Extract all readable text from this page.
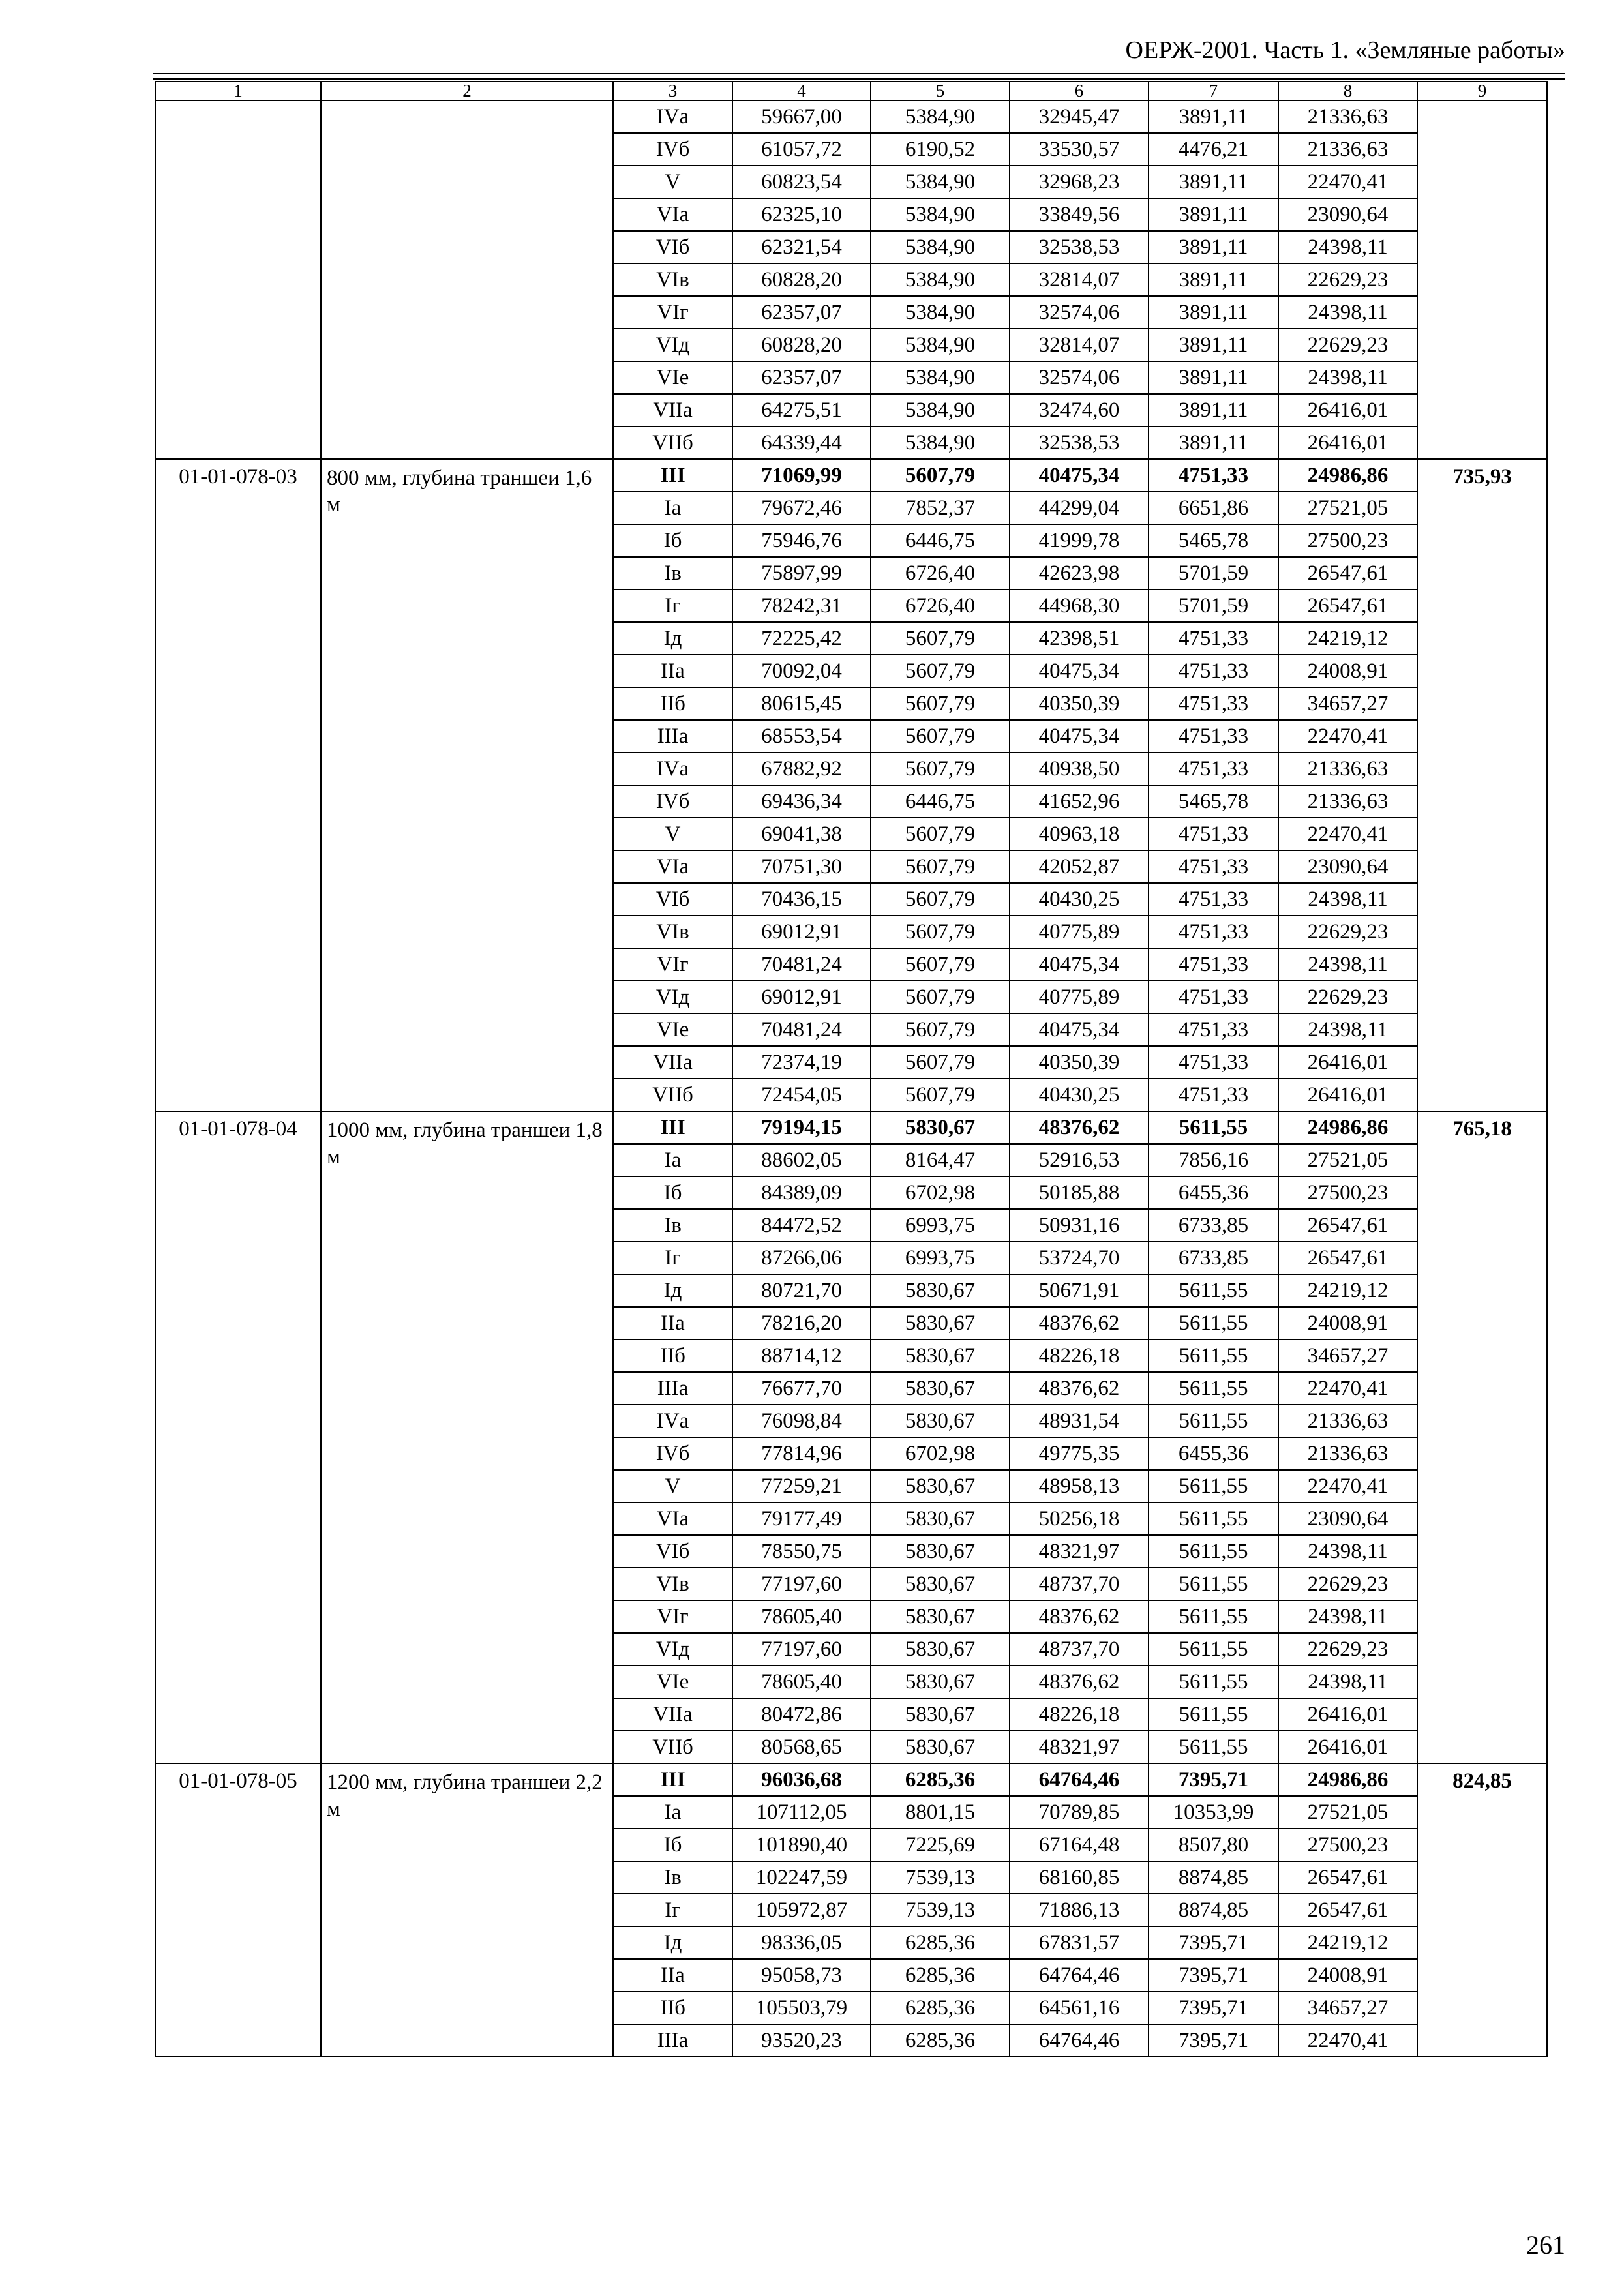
ОЕРЖ-2001. Часть 1. «Земляные работы»
1	2	3	4	5	6	7	8	9
		IVа	59667,00	5384,90	32945,47	3891,11	21336,63	
		IVб	61057,72	6190,52	33530,57	4476,21	21336,63	
		V	60823,54	5384,90	32968,23	3891,11	22470,41	
		VIа	62325,10	5384,90	33849,56	3891,11	23090,64	
		VIб	62321,54	5384,90	32538,53	3891,11	24398,11	
		VIв	60828,20	5384,90	32814,07	3891,11	22629,23	
		VIг	62357,07	5384,90	32574,06	3891,11	24398,11	
		VIд	60828,20	5384,90	32814,07	3891,11	22629,23	
		VIе	62357,07	5384,90	32574,06	3891,11	24398,11	
		VIIа	64275,51	5384,90	32474,60	3891,11	26416,01	
		VIIб	64339,44	5384,90	32538,53	3891,11	26416,01	
01-01-078-03	800 мм, глубина траншеи 1,6 м	III	71069,99	5607,79	40475,34	4751,33	24986,86	735,93
		Iа	79672,46	7852,37	44299,04	6651,86	27521,05	
		Iб	75946,76	6446,75	41999,78	5465,78	27500,23	
		Iв	75897,99	6726,40	42623,98	5701,59	26547,61	
		Iг	78242,31	6726,40	44968,30	5701,59	26547,61	
		Iд	72225,42	5607,79	42398,51	4751,33	24219,12	
		IIа	70092,04	5607,79	40475,34	4751,33	24008,91	
		IIб	80615,45	5607,79	40350,39	4751,33	34657,27	
		IIIа	68553,54	5607,79	40475,34	4751,33	22470,41	
		IVа	67882,92	5607,79	40938,50	4751,33	21336,63	
		IVб	69436,34	6446,75	41652,96	5465,78	21336,63	
		V	69041,38	5607,79	40963,18	4751,33	22470,41	
		VIа	70751,30	5607,79	42052,87	4751,33	23090,64	
		VIб	70436,15	5607,79	40430,25	4751,33	24398,11	
		VIв	69012,91	5607,79	40775,89	4751,33	22629,23	
		VIг	70481,24	5607,79	40475,34	4751,33	24398,11	
		VIд	69012,91	5607,79	40775,89	4751,33	22629,23	
		VIе	70481,24	5607,79	40475,34	4751,33	24398,11	
		VIIа	72374,19	5607,79	40350,39	4751,33	26416,01	
		VIIб	72454,05	5607,79	40430,25	4751,33	26416,01	
01-01-078-04	1000 мм, глубина траншеи 1,8 м	III	79194,15	5830,67	48376,62	5611,55	24986,86	765,18
		Iа	88602,05	8164,47	52916,53	7856,16	27521,05	
		Iб	84389,09	6702,98	50185,88	6455,36	27500,23	
		Iв	84472,52	6993,75	50931,16	6733,85	26547,61	
		Iг	87266,06	6993,75	53724,70	6733,85	26547,61	
		Iд	80721,70	5830,67	50671,91	5611,55	24219,12	
		IIа	78216,20	5830,67	48376,62	5611,55	24008,91	
		IIб	88714,12	5830,67	48226,18	5611,55	34657,27	
		IIIа	76677,70	5830,67	48376,62	5611,55	22470,41	
		IVа	76098,84	5830,67	48931,54	5611,55	21336,63	
		IVб	77814,96	6702,98	49775,35	6455,36	21336,63	
		V	77259,21	5830,67	48958,13	5611,55	22470,41	
		VIа	79177,49	5830,67	50256,18	5611,55	23090,64	
		VIб	78550,75	5830,67	48321,97	5611,55	24398,11	
		VIв	77197,60	5830,67	48737,70	5611,55	22629,23	
		VIг	78605,40	5830,67	48376,62	5611,55	24398,11	
		VIд	77197,60	5830,67	48737,70	5611,55	22629,23	
		VIе	78605,40	5830,67	48376,62	5611,55	24398,11	
		VIIа	80472,86	5830,67	48226,18	5611,55	26416,01	
		VIIб	80568,65	5830,67	48321,97	5611,55	26416,01	
01-01-078-05	1200 мм, глубина траншеи 2,2 м	III	96036,68	6285,36	64764,46	7395,71	24986,86	824,85
		Iа	107112,05	8801,15	70789,85	10353,99	27521,05	
		Iб	101890,40	7225,69	67164,48	8507,80	27500,23	
		Iв	102247,59	7539,13	68160,85	8874,85	26547,61	
		Iг	105972,87	7539,13	71886,13	8874,85	26547,61	
		Iд	98336,05	6285,36	67831,57	7395,71	24219,12	
		IIа	95058,73	6285,36	64764,46	7395,71	24008,91	
		IIб	105503,79	6285,36	64561,16	7395,71	34657,27	
		IIIа	93520,23	6285,36	64764,46	7395,71	22470,41	
261
